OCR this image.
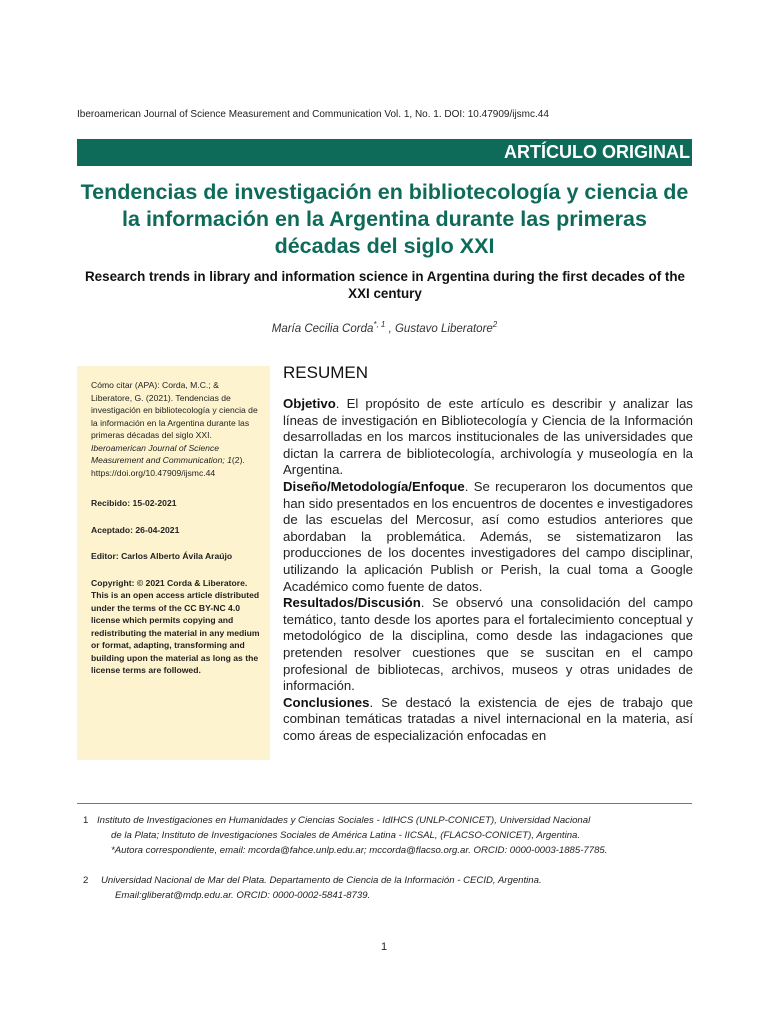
Iberoamerican Journal of Science Measurement and Communication Vol. 1, No. 1. DOI: 10.47909/ijsmc.44
ARTÍCULO ORIGINAL
Tendencias de investigación en bibliotecología y ciencia de la información en la Argentina durante las primeras décadas del siglo XXI
Research trends in library and information science in Argentina during the first decades of the XXI century
María Cecilia Corda$^{*, 1}$ , Gustavo Liberatore$^2$

Cómo citar (APA): Corda, M.C.; & Liberatore, G. (2021). Tendencias de investigación en bibliotecología y ciencia de la información en la Argentina durante las primeras décadas del siglo XXI. Iberoamerican Journal of Science Measurement and Communication; 1(2). https://doi.org/10.47909/ijsmc.44

Recibido: 15-02-2021

Aceptado: 26-04-2021

Editor: Carlos Alberto Ávila Araújo

Copyright: © 2021 Corda & Liberatore. This is an open access article distributed under the terms of the CC BY-NC 4.0 license which permits copying and redistributing the material in any medium or format, adapting, transforming and building upon the material as long as the license terms are followed.

RESUMEN

Objetivo. El propósito de este artículo es describir y analizar las líneas de investigación en Bibliotecología y Ciencia de la Información desarrolladas en los marcos institucionales de las universidades que dictan la carrera de bibliotecología, archivología y museología en la Argentina.

Diseño/Metodología/Enfoque. Se recuperaron los documentos que han sido presentados en los encuentros de docentes e investigadores de las escuelas del Mercosur, así como estudios anteriores que abordaban la problemática. Además, se sistematizaron las producciones de los docentes investigadores del campo disciplinar, utilizando la aplicación Publish or Perish, la cual toma a Google Académico como fuente de datos.

Resultados/Discusión. Se observó una consolidación del campo temático, tanto desde los aportes para el fortalecimiento conceptual y metodológico de la disciplina, como desde las indagaciones que pretenden resolver cuestiones que se suscitan en el campo profesional de bibliotecas, archivos, museos y otras unidades de información.

Conclusiones. Se destacó la existencia de ejes de trabajo que combinan temáticas tratadas a nivel internacional en la materia, así como áreas de especialización enfocadas en

1 Instituto de Investigaciones en Humanidades y Ciencias Sociales - IdIHCS (UNLP-CONICET), Universidad Nacional
de la Plata; Instituto de Investigaciones Sociales de América Latina - IICSAL, (FLACSO-CONICET), Argentina.
*Autora correspondiente, email: mcorda@fahce.unlp.edu.ar; mccorda@flacso.org.ar. ORCID: 0000-0003-1885-7785.
2	Universidad Nacional de Mar del Plata. Departamento de Ciencia de la Información - CECID, Argentina.
Email:gliberat@mdp.edu.ar. ORCID: 0000-0002-5841-8739.
1
